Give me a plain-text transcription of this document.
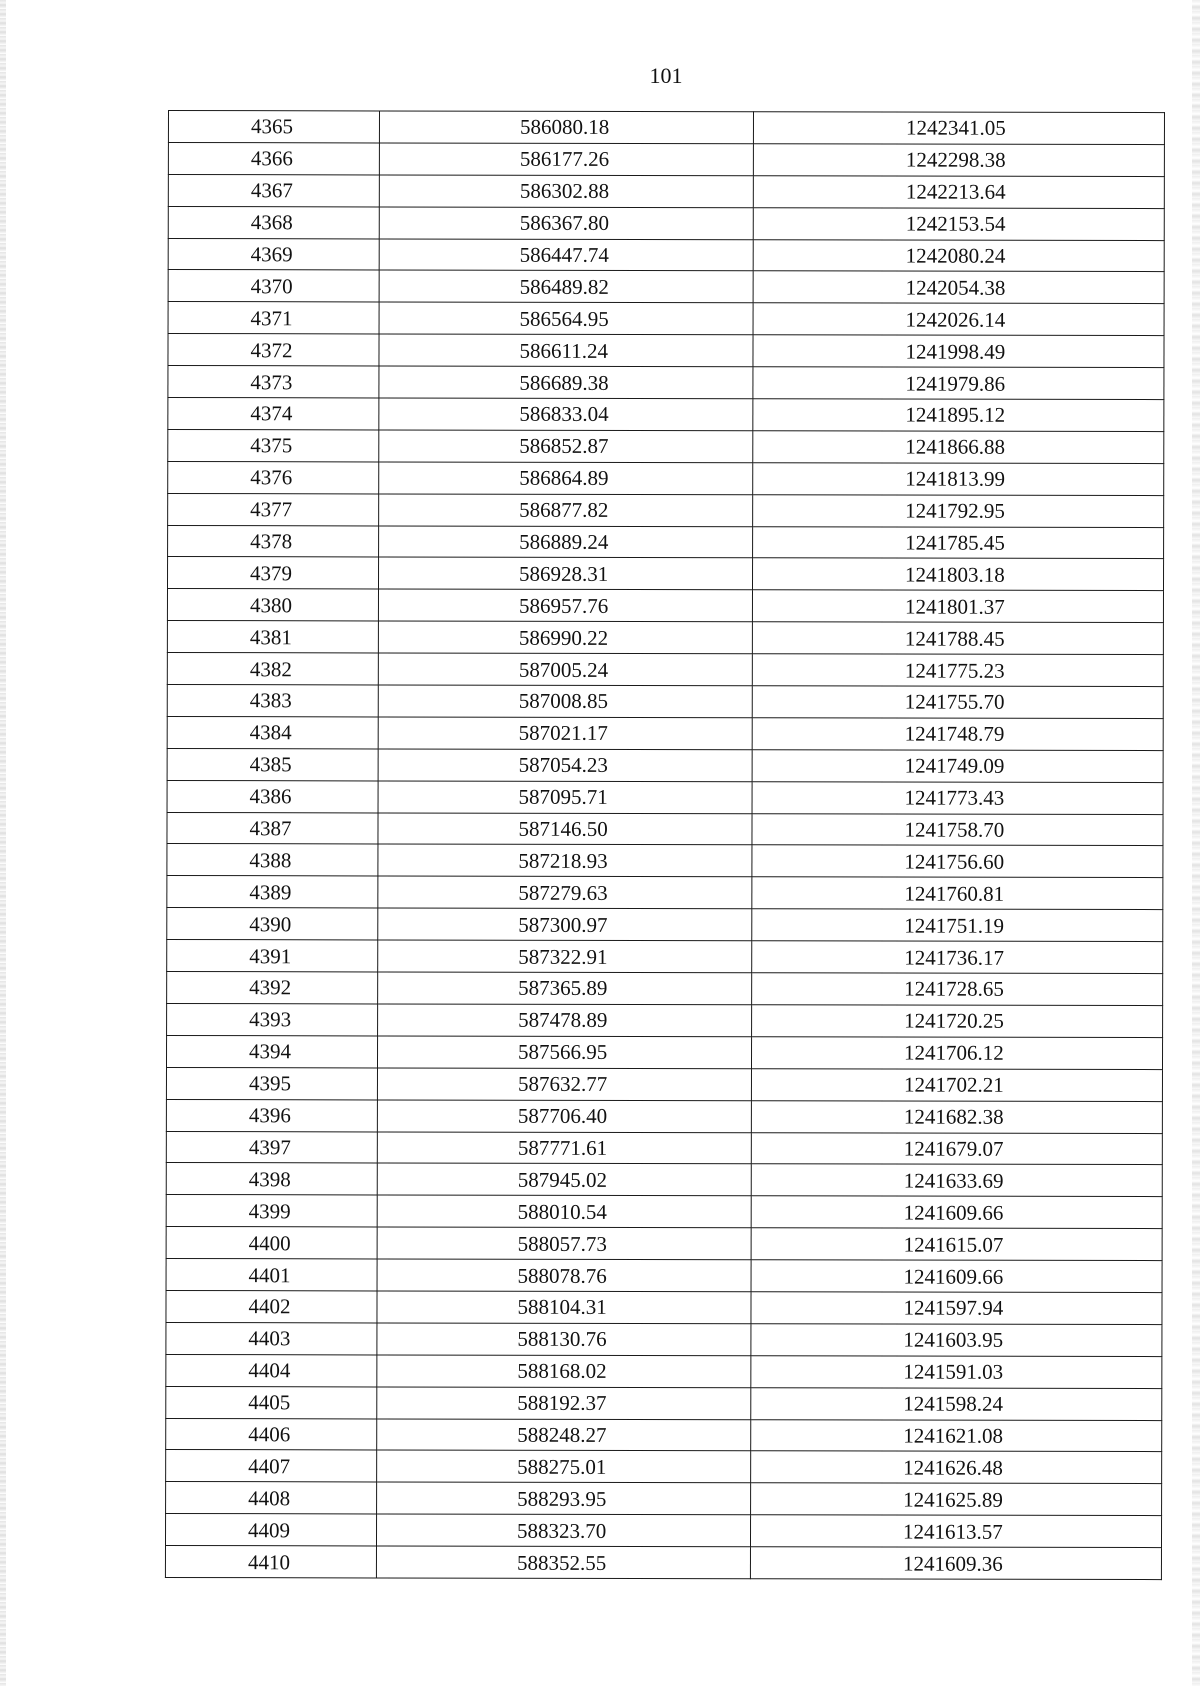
101
4365	586080.18	1242341.05
4366	586177.26	1242298.38
4367	586302.88	1242213.64
4368	586367.80	1242153.54
4369	586447.74	1242080.24
4370	586489.82	1242054.38
4371	586564.95	1242026.14
4372	586611.24	1241998.49
4373	586689.38	1241979.86
4374	586833.04	1241895.12
4375	586852.87	1241866.88
4376	586864.89	1241813.99
4377	586877.82	1241792.95
4378	586889.24	1241785.45
4379	586928.31	1241803.18
4380	586957.76	1241801.37
4381	586990.22	1241788.45
4382	587005.24	1241775.23
4383	587008.85	1241755.70
4384	587021.17	1241748.79
4385	587054.23	1241749.09
4386	587095.71	1241773.43
4387	587146.50	1241758.70
4388	587218.93	1241756.60
4389	587279.63	1241760.81
4390	587300.97	1241751.19
4391	587322.91	1241736.17
4392	587365.89	1241728.65
4393	587478.89	1241720.25
4394	587566.95	1241706.12
4395	587632.77	1241702.21
4396	587706.40	1241682.38
4397	587771.61	1241679.07
4398	587945.02	1241633.69
4399	588010.54	1241609.66
4400	588057.73	1241615.07
4401	588078.76	1241609.66
4402	588104.31	1241597.94
4403	588130.76	1241603.95
4404	588168.02	1241591.03
4405	588192.37	1241598.24
4406	588248.27	1241621.08
4407	588275.01	1241626.48
4408	588293.95	1241625.89
4409	588323.70	1241613.57
4410	588352.55	1241609.36
